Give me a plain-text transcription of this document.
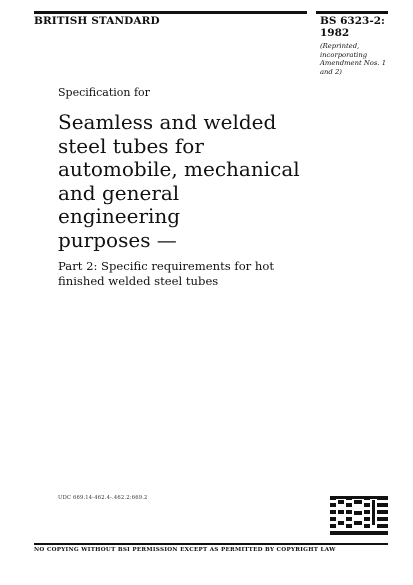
BRITISH STANDARD	BS 6323-2:
1982
(Reprinted,
incorporating
Amendment Nos. 1
and 2)
Specification for
Seamless and welded
steel tubes for
automobile, mechanical
and general
engineering
purposes —
Part 2: Specific requirements for hot
finished welded steel tubes
UDC 669.14-462.4-.462.2:669.2
NO COPYING WITHOUT BSI PERMISSION EXCEPT AS PERMITTED BY COPYRIGHT LAW
